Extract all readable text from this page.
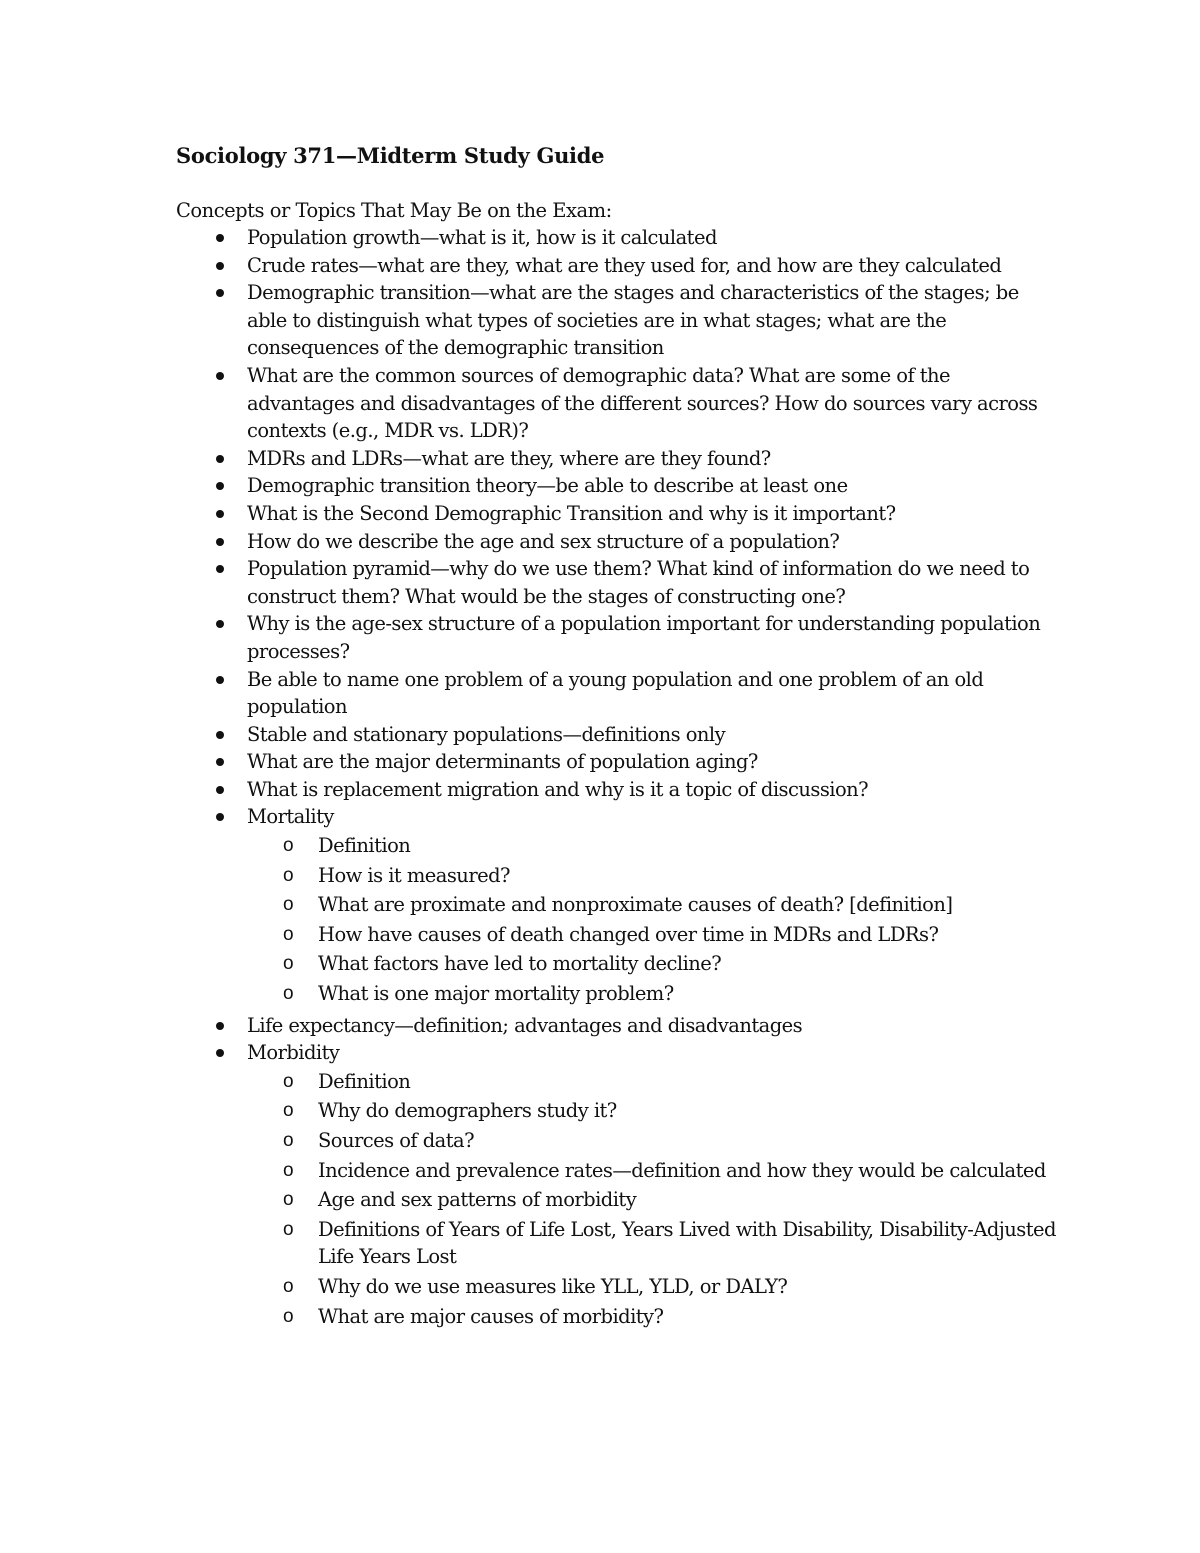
Sociology 371—Midterm Study Guide

Concepts or Topics That May Be on the Exam:

Population growth—what is it, how is it calculated
Crude rates—what are they, what are they used for, and how are they calculated
Demographic transition—what are the stages and characteristics of the stages; be able to distinguish what types of societies are in what stages; what are the consequences of the demographic transition
What are the common sources of demographic data? What are some of the advantages and disadvantages of the different sources? How do sources vary across contexts (e.g., MDR vs. LDR)?
MDRs and LDRs—what are they, where are they found?
Demographic transition theory—be able to describe at least one
What is the Second Demographic Transition and why is it important?
How do we describe the age and sex structure of a population?
Population pyramid—why do we use them? What kind of information do we need to construct them? What would be the stages of constructing one?
Why is the age-sex structure of a population important for understanding population processes?
Be able to name one problem of a young population and one problem of an old population
Stable and stationary populations—definitions only
What are the major determinants of population aging?
What is replacement migration and why is it a topic of discussion?
Mortality
o Definition
o How is it measured?
o What are proximate and nonproximate causes of death? [definition]
o How have causes of death changed over time in MDRs and LDRs?
o What factors have led to mortality decline?
o What is one major mortality problem?
Life expectancy—definition; advantages and disadvantages
Morbidity
o Definition
o Why do demographers study it?
o Sources of data?
o Incidence and prevalence rates—definition and how they would be calculated
o Age and sex patterns of morbidity
o Definitions of Years of Life Lost, Years Lived with Disability, Disability-Adjusted Life Years Lost
o Why do we use measures like YLL, YLD, or DALY?
o What are major causes of morbidity?
